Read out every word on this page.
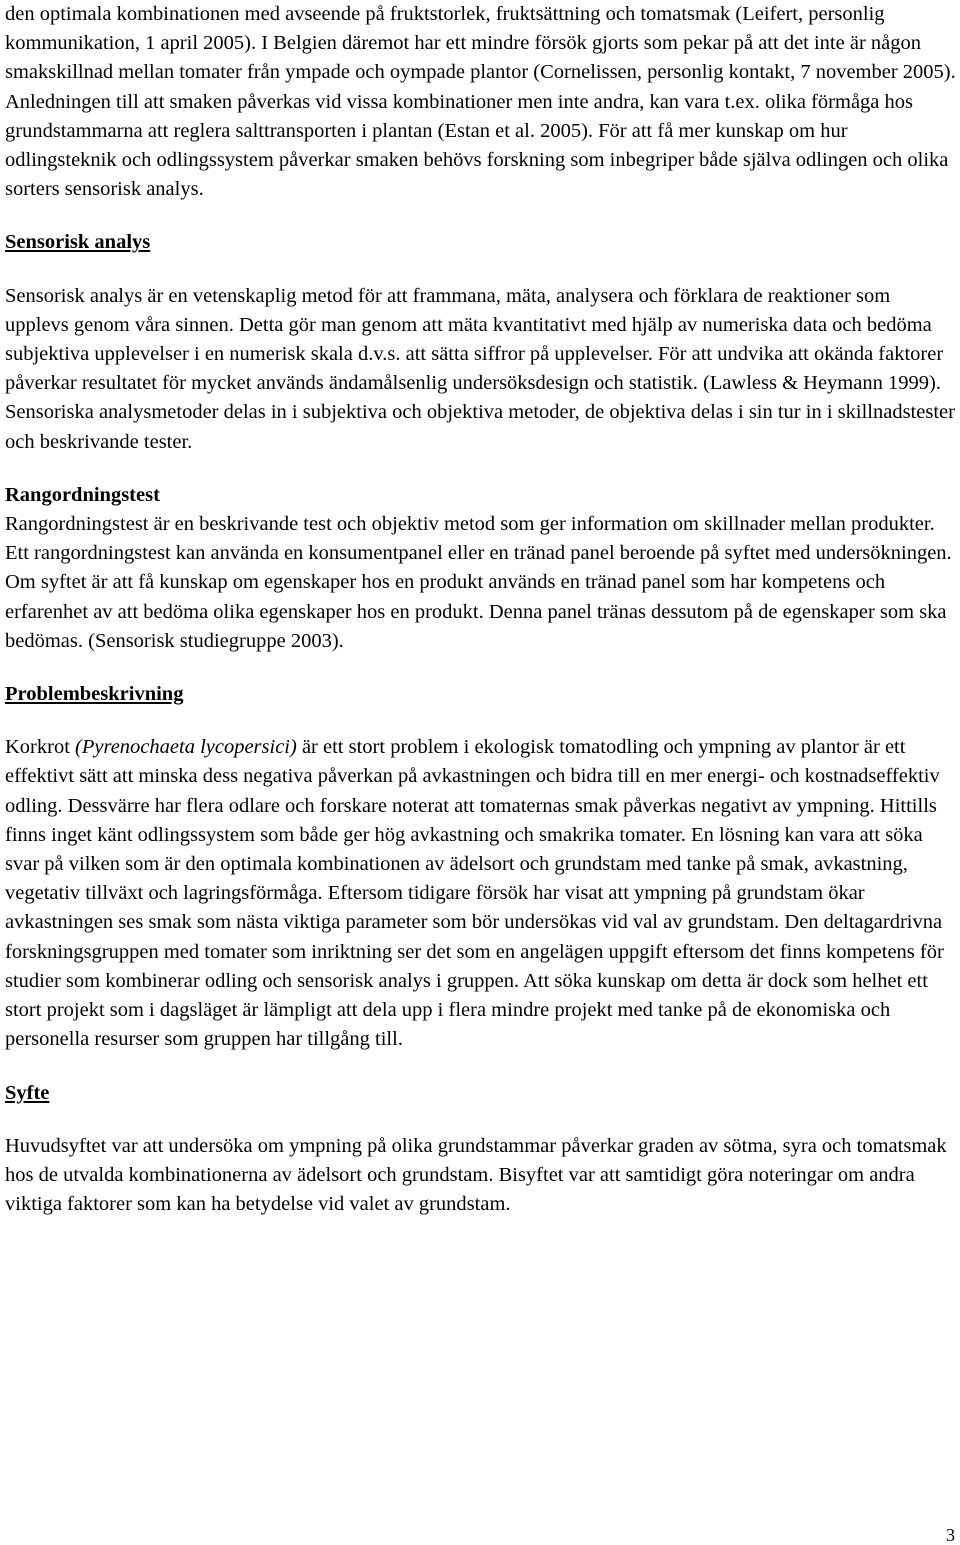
den optimala kombinationen med avseende på fruktstorlek, fruktsättning och tomatsmak (Leifert, personlig kommunikation, 1 april 2005). I Belgien däremot har ett mindre försök gjorts som pekar på att det inte är någon smakskillnad mellan tomater från ympade och oympade plantor (Cornelissen, personlig kontakt, 7 november 2005). Anledningen till att smaken påverkas vid vissa kombinationer men inte andra, kan vara t.ex. olika förmåga hos grundstammarna att reglera salttransporten i plantan (Estan et al. 2005). För att få mer kunskap om hur odlingsteknik och odlingssystem påverkar smaken behövs forskning som inbegriper både själva odlingen och olika sorters sensorisk analys.

Sensorisk analys

Sensorisk analys är en vetenskaplig metod för att frammana, mäta, analysera och förklara de reaktioner som upplevs genom våra sinnen. Detta gör man genom att mäta kvantitativt med hjälp av numeriska data och bedöma subjektiva upplevelser i en numerisk skala d.v.s. att sätta siffror på upplevelser. För att undvika att okända faktorer påverkar resultatet för mycket används ändamålsenlig undersöksdesign och statistik. (Lawless & Heymann 1999). Sensoriska analysmetoder delas in i subjektiva och objektiva metoder, de objektiva delas i sin tur in i skillnadstester och beskrivande tester.

Rangordningstest

Rangordningstest är en beskrivande test och objektiv metod som ger information om skillnader mellan produkter. Ett rangordningstest kan använda en konsumentpanel eller en tränad panel beroende på syftet med undersökningen. Om syftet är att få kunskap om egenskaper hos en produkt används en tränad panel som har kompetens och erfarenhet av att bedöma olika egenskaper hos en produkt. Denna panel tränas dessutom på de egenskaper som ska bedömas. (Sensorisk studiegruppe 2003).

Problembeskrivning

Korkrot (Pyrenochaeta lycopersici) är ett stort problem i ekologisk tomatodling och ympning av plantor är ett effektivt sätt att minska dess negativa påverkan på avkastningen och bidra till en mer energi- och kostnadseffektiv odling. Dessvärre har flera odlare och forskare noterat att tomaternas smak påverkas negativt av ympning. Hittills finns inget känt odlingssystem som både ger hög avkastning och smakrika tomater. En lösning kan vara att söka svar på vilken som är den optimala kombinationen av ädelsort och grundstam med tanke på smak, avkastning, vegetativ tillväxt och lagringsförmåga. Eftersom tidigare försök har visat att ympning på grundstam ökar avkastningen ses smak som nästa viktiga parameter som bör undersökas vid val av grundstam. Den deltagardrivna forskningsgruppen med tomater som inriktning ser det som en angelägen uppgift eftersom det finns kompetens för studier som kombinerar odling och sensorisk analys i gruppen. Att söka kunskap om detta är dock som helhet ett stort projekt som i dagsläget är lämpligt att dela upp i flera mindre projekt med tanke på de ekonomiska och personella resurser som gruppen har tillgång till.

Syfte

Huvudsyftet var att undersöka om ympning på olika grundstammar påverkar graden av sötma, syra och tomatsmak hos de utvalda kombinationerna av ädelsort och grundstam. Bisyftet var att samtidigt göra noteringar om andra viktiga faktorer som kan ha betydelse vid valet av grundstam.

3
